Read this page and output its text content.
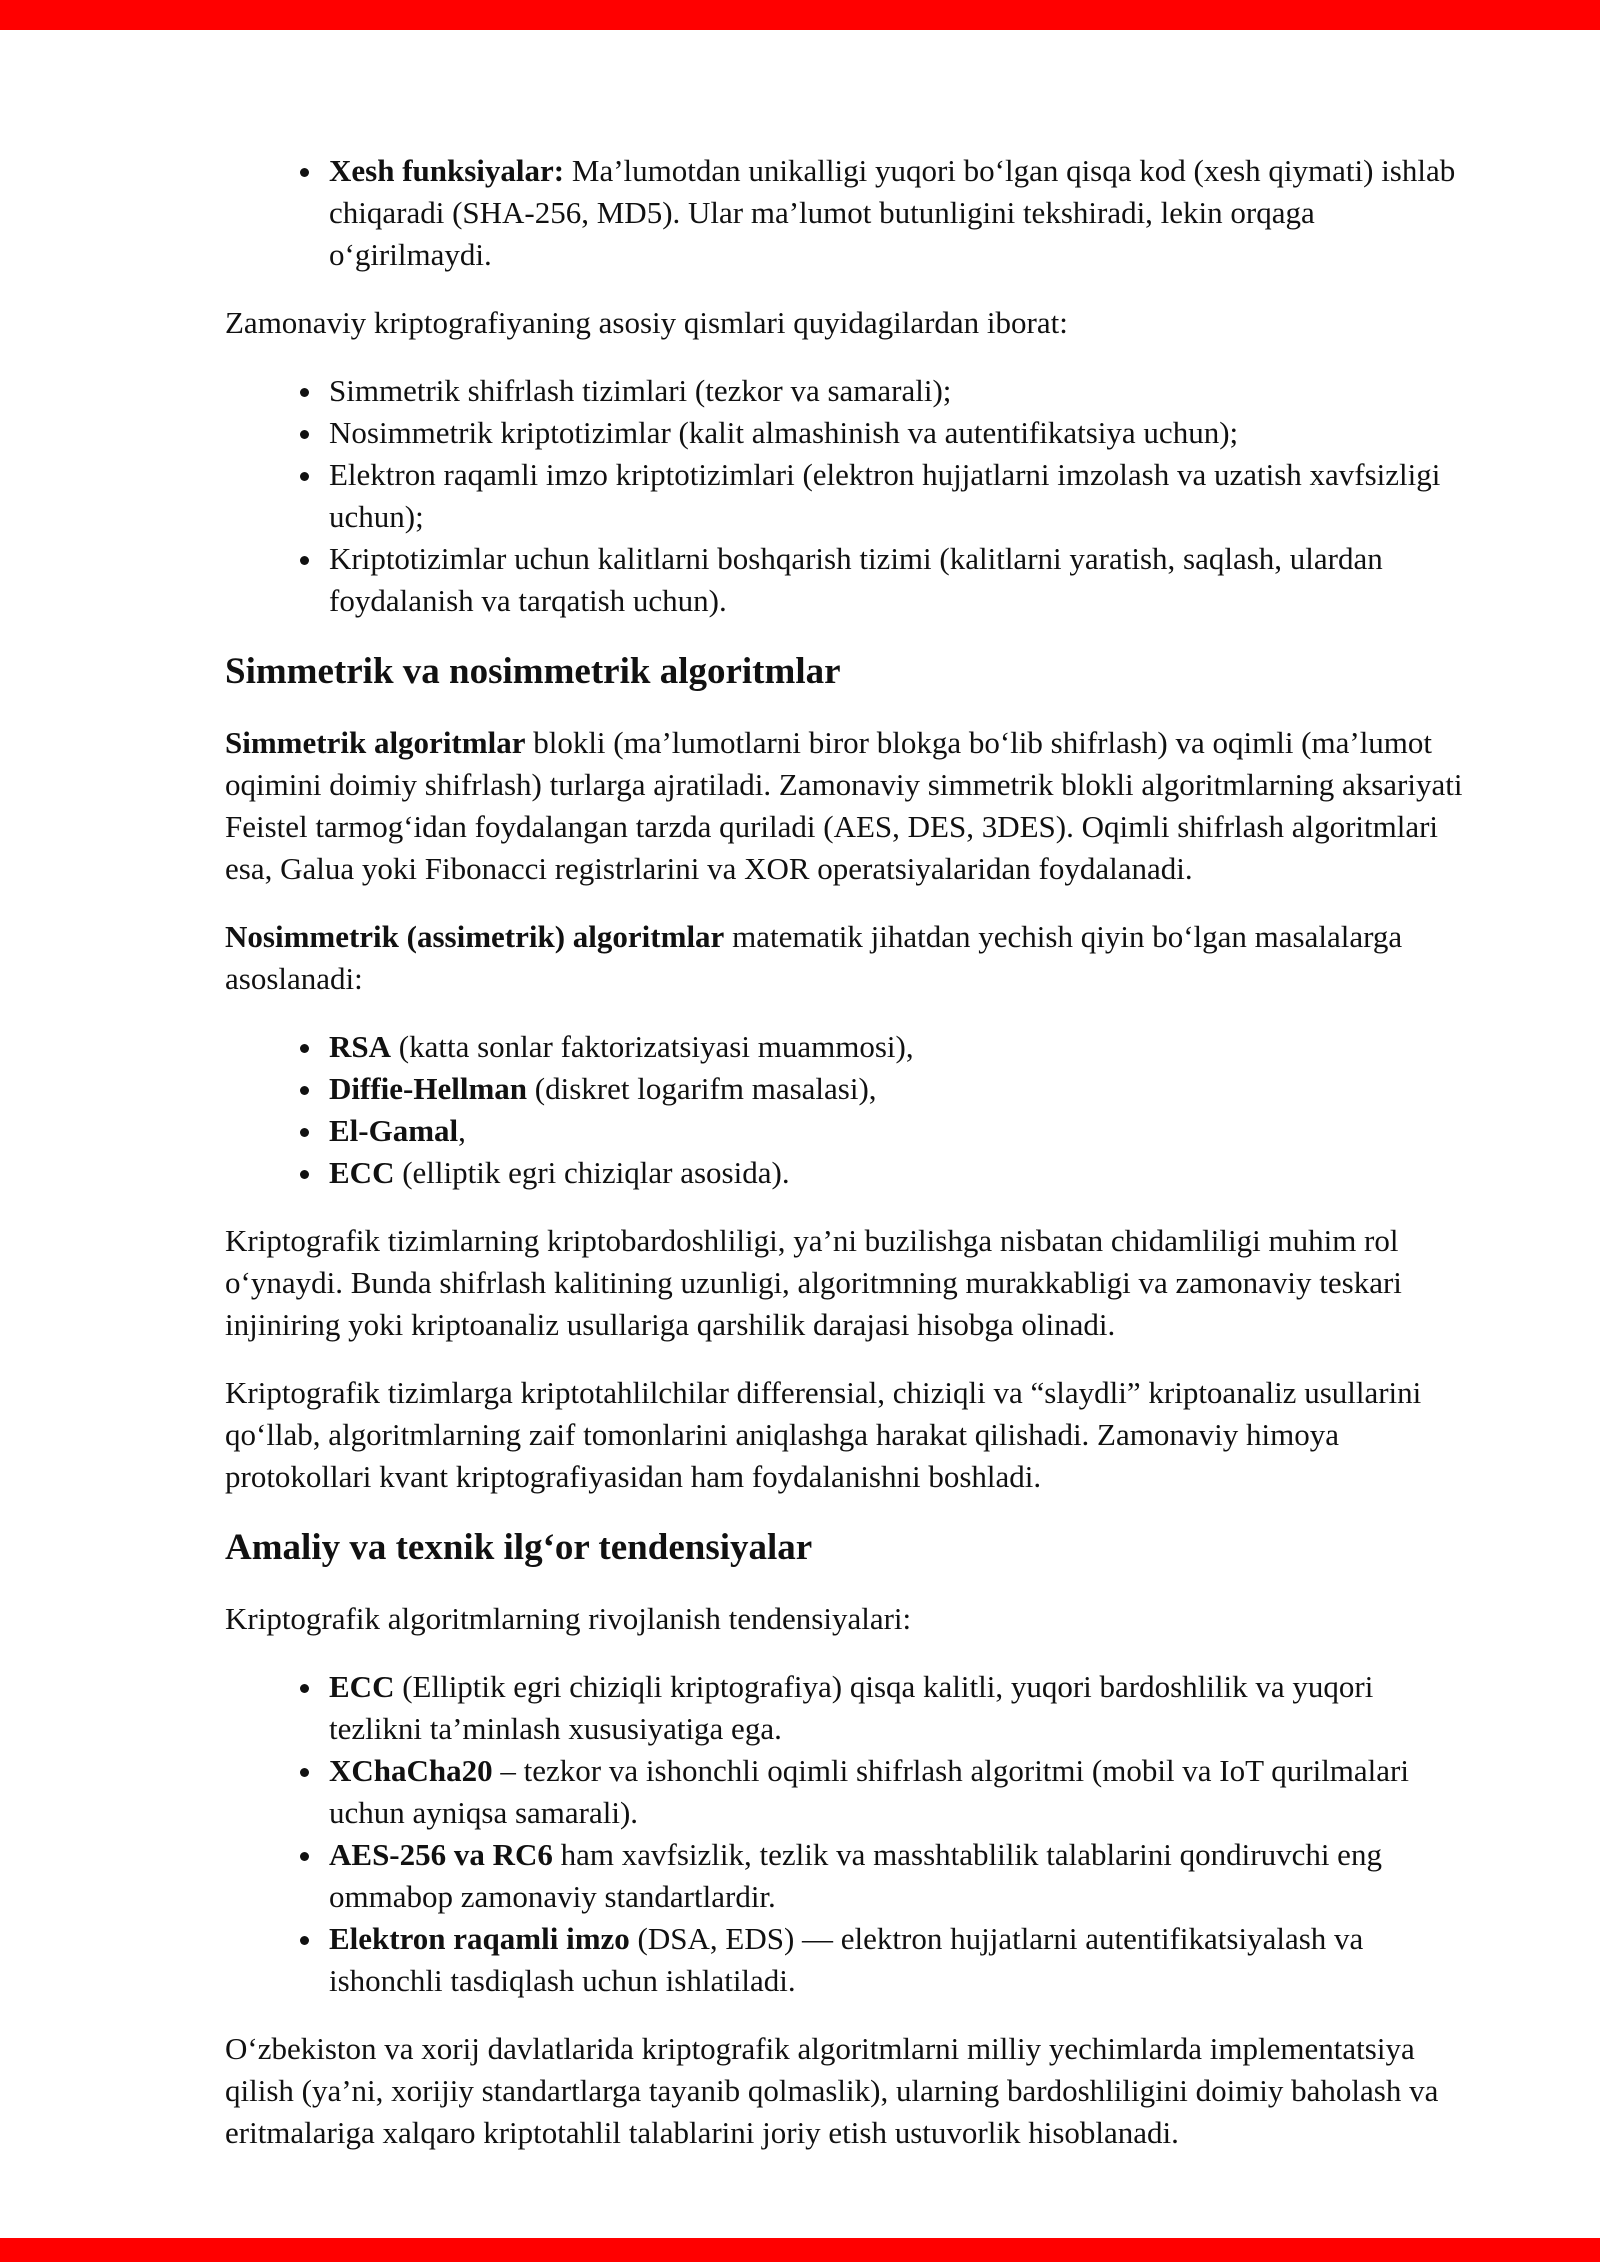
• Xesh funksiyalar: Ma’lumotdan unikalligi yuqori bo‘lgan qisqa kod (xesh qiymati) ishlab chiqaradi (SHA-256, MD5). Ular ma’lumot butunligini tekshiradi, lekin orqaga o‘girilmaydi.

Zamonaviy kriptografiyaning asosiy qismlari quyidagilardan iborat:

• Simmetrik shifrlash tizimlari (tezkor va samarali);
• Nosimmetrik kriptotizimlar (kalit almashinish va autentifikatsiya uchun);
• Elektron raqamli imzo kriptotizimlari (elektron hujjatlarni imzolash va uzatish xavfsizligi uchun);
• Kriptotizimlar uchun kalitlarni boshqarish tizimi (kalitlarni yaratish, saqlash, ulardan foydalanish va tarqatish uchun).
Simmetrik va nosimmetrik algoritmlar

Simmetrik algoritmlar blokli (ma’lumotlarni biror blokga bo‘lib shifrlash) va oqimli (ma’lumot oqimini doimiy shifrlash) turlarga ajratiladi. Zamonaviy simmetrik blokli algoritmlarning aksariyati Feistel tarmog‘idan foydalangan tarzda quriladi (AES, DES, 3DES). Oqimli shifrlash algoritmlari esa, Galua yoki Fibonacci registrlarini va XOR operatsiyalaridan foydalanadi.

Nosimmetrik (assimetrik) algoritmlar matematik jihatdan yechish qiyin bo‘lgan masalalarga asoslanadi:

• RSA (katta sonlar faktorizatsiyasi muammosi),
• Diffie-Hellman (diskret logarifm masalasi),
• El-Gamal,
• ECC (elliptik egri chiziqlar asosida).

Kriptografik tizimlarning kriptobardoshliligi, ya’ni buzilishga nisbatan chidamliligi muhim rol o‘ynaydi. Bunda shifrlash kalitining uzunligi, algoritmning murakkabligi va zamonaviy teskari injiniring yoki kriptoanaliz usullariga qarshilik darajasi hisobga olinadi.

Kriptografik tizimlarga kriptotahlilchilar differensial, chiziqli va “slaydli” kriptoanaliz usullarini qo‘llab, algoritmlarning zaif tomonlarini aniqlashga harakat qilishadi. Zamonaviy himoya protokollari kvant kriptografiyasidan ham foydalanishni boshladi.

Amaliy va texnik ilg‘or tendensiyalar

Kriptografik algoritmlarning rivojlanish tendensiyalari:

• ECC (Elliptik egri chiziqli kriptografiya) qisqa kalitli, yuqori bardoshlilik va yuqori tezlikni ta’minlash xususiyatiga ega.
• XChaCha20 – tezkor va ishonchli oqimli shifrlash algoritmi (mobil va IoT qurilmalari uchun ayniqsa samarali).
• AES-256 va RC6 ham xavfsizlik, tezlik va masshtablilik talablarini qondiruvchi eng ommabop zamonaviy standartlardir.
• Elektron raqamli imzo (DSA, EDS) — elektron hujjatlarni autentifikatsiyalash va ishonchli tasdiqlash uchun ishlatiladi.

O‘zbekiston va xorij davlatlarida kriptografik algoritmlarni milliy yechimlarda implementatsiya qilish (ya’ni, xorijiy standartlarga tayanib qolmaslik), ularning bardoshliligini doimiy baholash va eritmalariga xalqaro kriptotahlil talablarini joriy etish ustuvorlik hisoblanadi.
